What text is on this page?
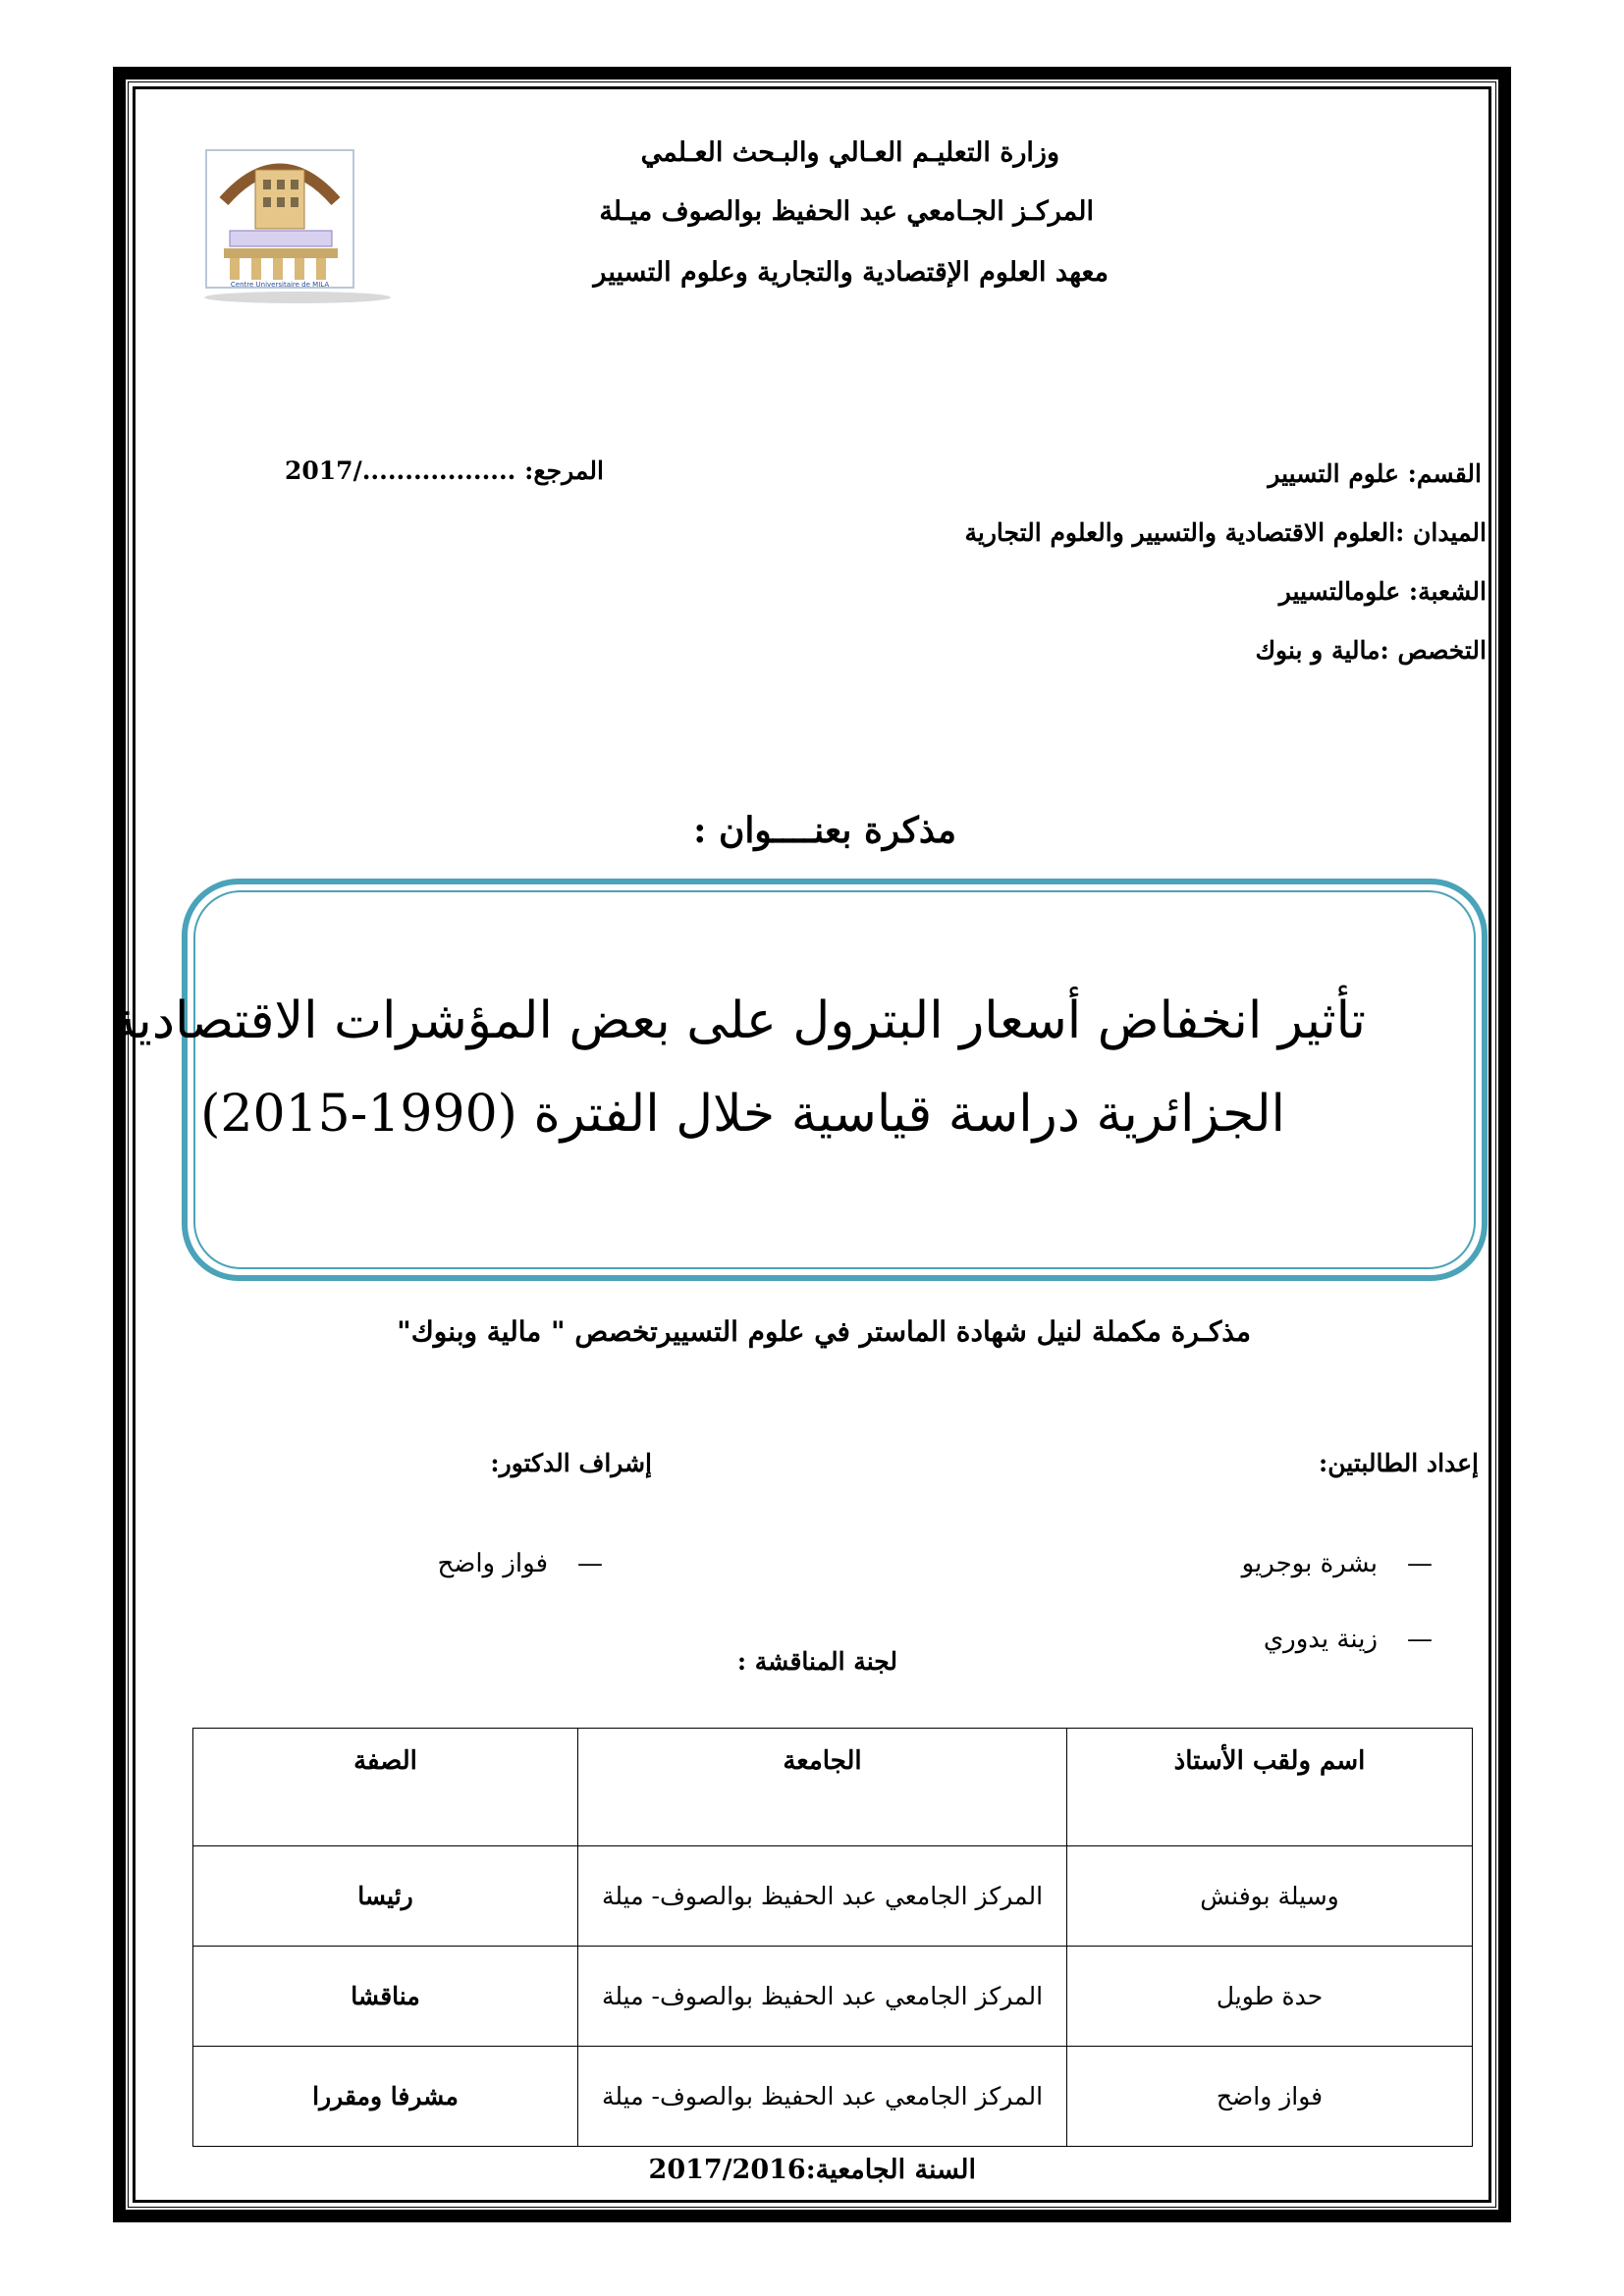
Centre Universitaire de MILA
وزارة التعليـم العـالي والبـحث العـلمي
المركـز الجـامعي عبد الحفيظ بوالصوف ميـلة
معهد العلوم الإقتصادية والتجارية وعلوم التسيير
القسم: علوم التسيير
المرجع: ................../2017
الميدان :العلوم الاقتصادية والتسيير والعلوم التجارية
الشعبة: علومالتسيير
التخصص :مالية و بنوك
مذكرة بعنــــوان :
تأثير انخفاض أسعار البترول على بعض المؤشرات الاقتصادية
الجزائرية دراسة قياسية خلال الفترة (1990-2015)
مذكـرة مكملة لنيل شهادة الماستر في علوم التسييرتخصص " مالية وبنوك"
إعداد الطالبتين:
إشراف الدكتور:
—بشرة بوجريو
—زينة يدوري
—فواز واضح
لجنة المناقشة :
اسم ولقب الأستاذ	الجامعة	الصفة
وسيلة بوفنش	المركز الجامعي عبد الحفيظ بوالصوف- ميلة	رئيسا
حدة طويل	المركز الجامعي عبد الحفيظ بوالصوف- ميلة	مناقشا
فواز واضح	المركز الجامعي عبد الحفيظ بوالصوف- ميلة	مشرفا ومقررا
السنة الجامعية:2017/2016
